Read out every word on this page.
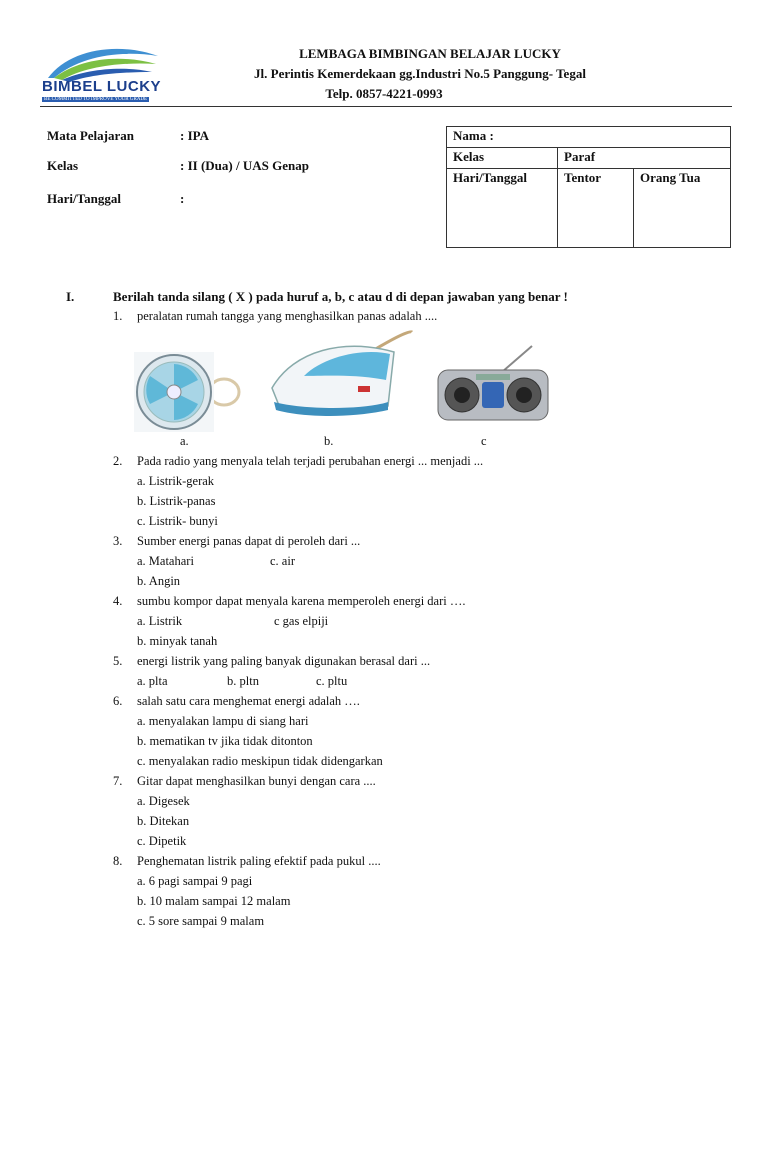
BIMBEL LUCKY
BE COMMITTED TO IMPROVE YOUR GRADE
LEMBAGA BIMBINGAN BELAJAR LUCKY
Jl. Perintis Kemerdekaan gg.Industri No.5 Panggung- Tegal
Telp. 0857-4221-0993
Mata Pelajaran	: IPA
Kelas	: II (Dua) / UAS Genap
Hari/Tanggal	:
Nama :		
Kelas	Paraf	
Hari/Tanggal	Tentor	Orang Tua
I.	Berilah tanda silang ( X ) pada huruf a, b, c atau d di depan jawaban yang benar !
1. peralatan rumah tangga yang menghasilkan panas adalah ....
a.	b.	c
2. Pada radio yang menyala telah terjadi perubahan energi ... menjadi ...
a. Listrik-gerak
b. Listrik-panas
c. Listrik- bunyi
3. Sumber energi panas dapat di peroleh dari ...
a. Matahari	c. air
b. Angin
4. sumbu kompor dapat menyala karena memperoleh energi dari ….
a. Listrik	c gas elpiji
b. minyak tanah
5. energi listrik yang paling banyak digunakan berasal dari ...
a. plta	b. pltn	c. pltu
6. salah satu cara menghemat energi adalah ….
a. menyalakan lampu di siang hari
b. mematikan tv jika tidak ditonton
c. menyalakan radio meskipun tidak didengarkan
7. Gitar dapat menghasilkan bunyi dengan cara ....
a. Digesek
b. Ditekan
c. Dipetik
8. Penghematan listrik paling efektif pada pukul ....
a. 6 pagi sampai 9 pagi
b. 10 malam sampai 12 malam
c. 5 sore sampai 9 malam
